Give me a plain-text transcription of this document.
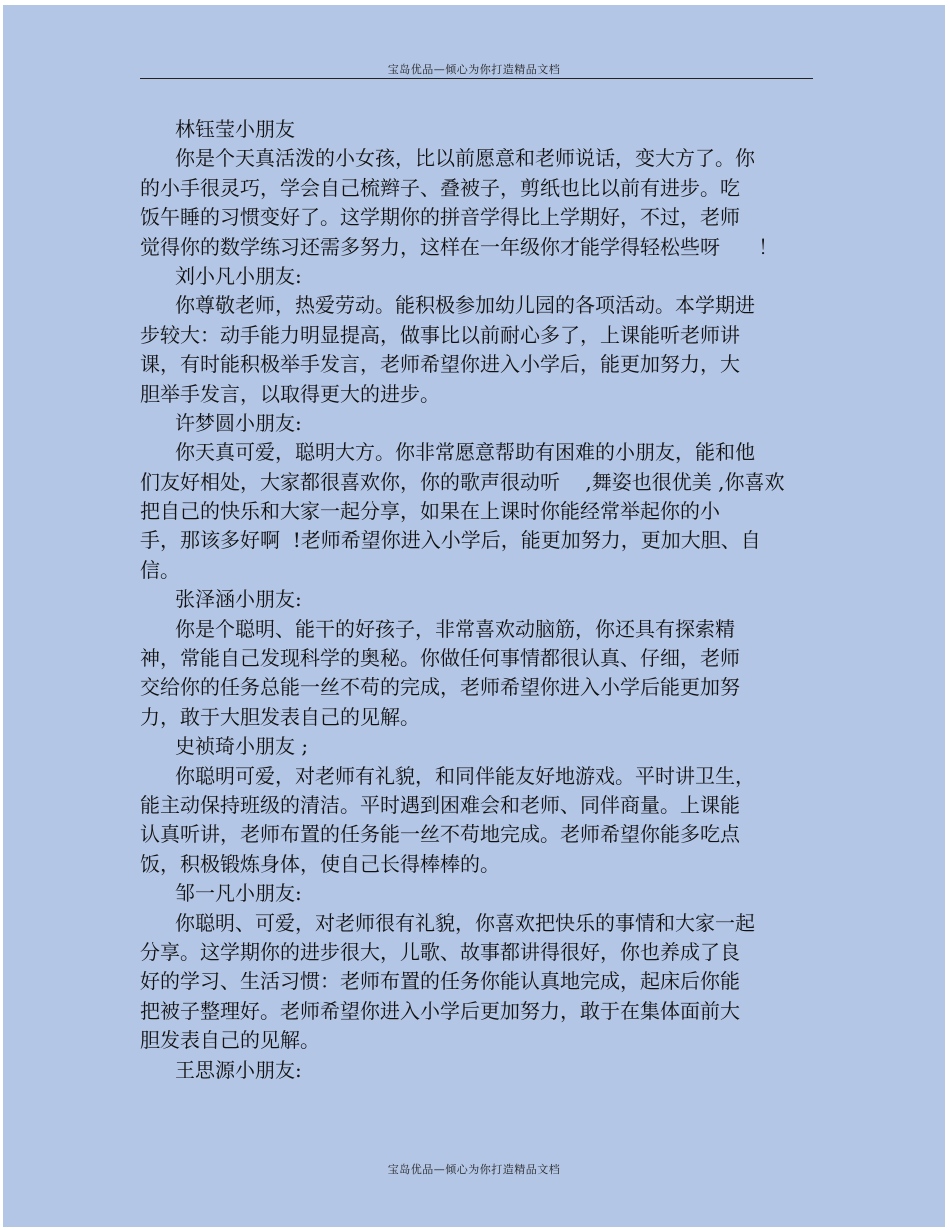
宝岛优品—倾心为你打造精品文档
林钰莹小朋友
你是个天真活泼的小女孩，比以前愿意和老师说话，变大方了。你
的小手很灵巧，学会自己梳辫子、叠被子，剪纸也比以前有进步。吃
饭午睡的习惯变好了。这学期你的拼音学得比上学期好，不过，老师
觉得你的数学练习还需多努力，这样在一年级你才能学得轻松些呀      ！
刘小凡小朋友:
你尊敬老师，热爱劳动。能积极参加幼儿园的各项活动。本学期进
步较大：动手能力明显提高，做事比以前耐心多了，上课能听老师讲
课，有时能积极举手发言，老师希望你进入小学后，能更加努力，大
胆举手发言，以取得更大的进步。
许梦圆小朋友:
你天真可爱，聪明大方。你非常愿意帮助有困难的小朋友，能和他
们友好相处，大家都很喜欢你，你的歌声很动听    ,舞姿也很优美 ,你喜欢
把自己的快乐和大家一起分享，如果在上课时你能经常举起你的小
手，那该多好啊  !老师希望你进入小学后，能更加努力，更加大胆、自
信。
张泽涵小朋友:
你是个聪明、能干的好孩子，非常喜欢动脑筋，你还具有探索精
神，常能自己发现科学的奥秘。你做任何事情都很认真、仔细，老师
交给你的任务总能一丝不苟的完成，老师希望你进入小学后能更加努
力，敢于大胆发表自己的见解。
史祯琦小朋友 ;
你聪明可爱，对老师有礼貌，和同伴能友好地游戏。平时讲卫生，
能主动保持班级的清洁。平时遇到困难会和老师、同伴商量。上课能
认真听讲，老师布置的任务能一丝不苟地完成。老师希望你能多吃点
饭，积极锻炼身体，使自己长得棒棒的。
邹一凡小朋友:
你聪明、可爱，对老师很有礼貌，你喜欢把快乐的事情和大家一起
分享。这学期你的进步很大，儿歌、故事都讲得很好，你也养成了良
好的学习、生活习惯：老师布置的任务你能认真地完成，起床后你能
把被子整理好。老师希望你进入小学后更加努力，敢于在集体面前大
胆发表自己的见解。
王思源小朋友:
宝岛优品—倾心为你打造精品文档
